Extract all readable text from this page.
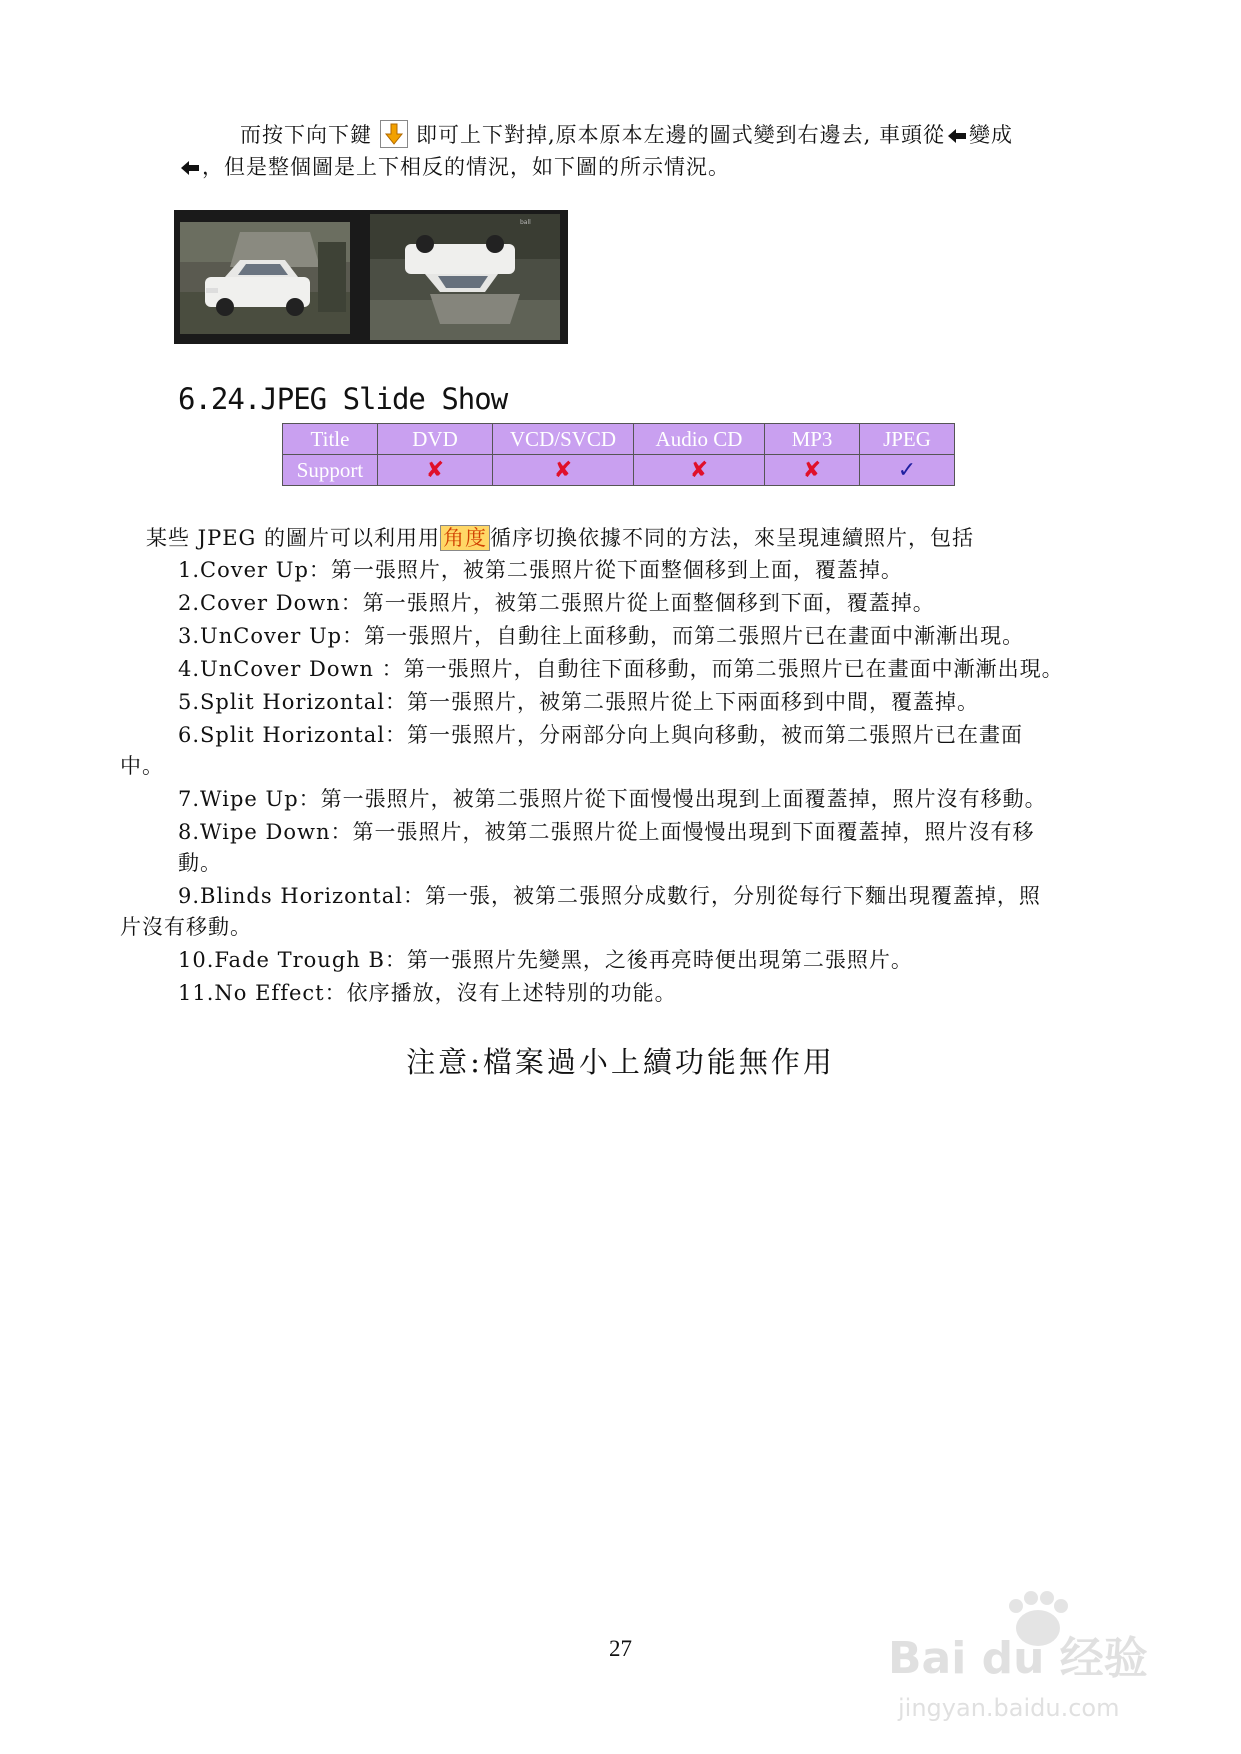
而按下向下鍵 即可上下對掉,原本原本左邊的圖式變到右邊去, 車頭從 變成
，但是整個圖是上下相反的情況，如下圖的所示情況。
ball
6.24.JPEG Slide Show
Title	DVD	VCD/SVCD	Audio CD	MP3	JPEG
Support	✘	✘	✘	✘	✓
某些 JPEG 的圖片可以利用用 角度 循序切換依據不同的方法，來呈現連續照片，包括
1.Cover Up：第一張照片，被第二張照片從下面整個移到上面，覆蓋掉。
2.Cover Down：第一張照片，被第二張照片從上面整個移到下面，覆蓋掉。
3.UnCover Up：第一張照片，自動往上面移動，而第二張照片已在畫面中漸漸出現。
4.UnCover Down ：第一張照片，自動往下面移動，而第二張照片已在畫面中漸漸出現。
5.Split Horizontal：第一張照片，被第二張照片從上下兩面移到中間，覆蓋掉。
6.Split Horizontal：第一張照片，分兩部分向上與向移動，被而第二張照片已在畫面
中。
7.Wipe Up：第一張照片，被第二張照片從下面慢慢出現到上面覆蓋掉，照片沒有移動。
8.Wipe Down：第一張照片，被第二張照片從上面慢慢出現到下面覆蓋掉，照片沒有移
動。
9.Blinds Horizontal：第一張，被第二張照分成數行，分別從每行下麵出現覆蓋掉，照
片沒有移動。
10.Fade Trough B：第一張照片先變黑，之後再亮時便出現第二張照片。
11.No Effect：依序播放，沒有上述特別的功能。
注意:檔案過小上續功能無作用
27	Bai du 经验
jingyan.baidu.com
